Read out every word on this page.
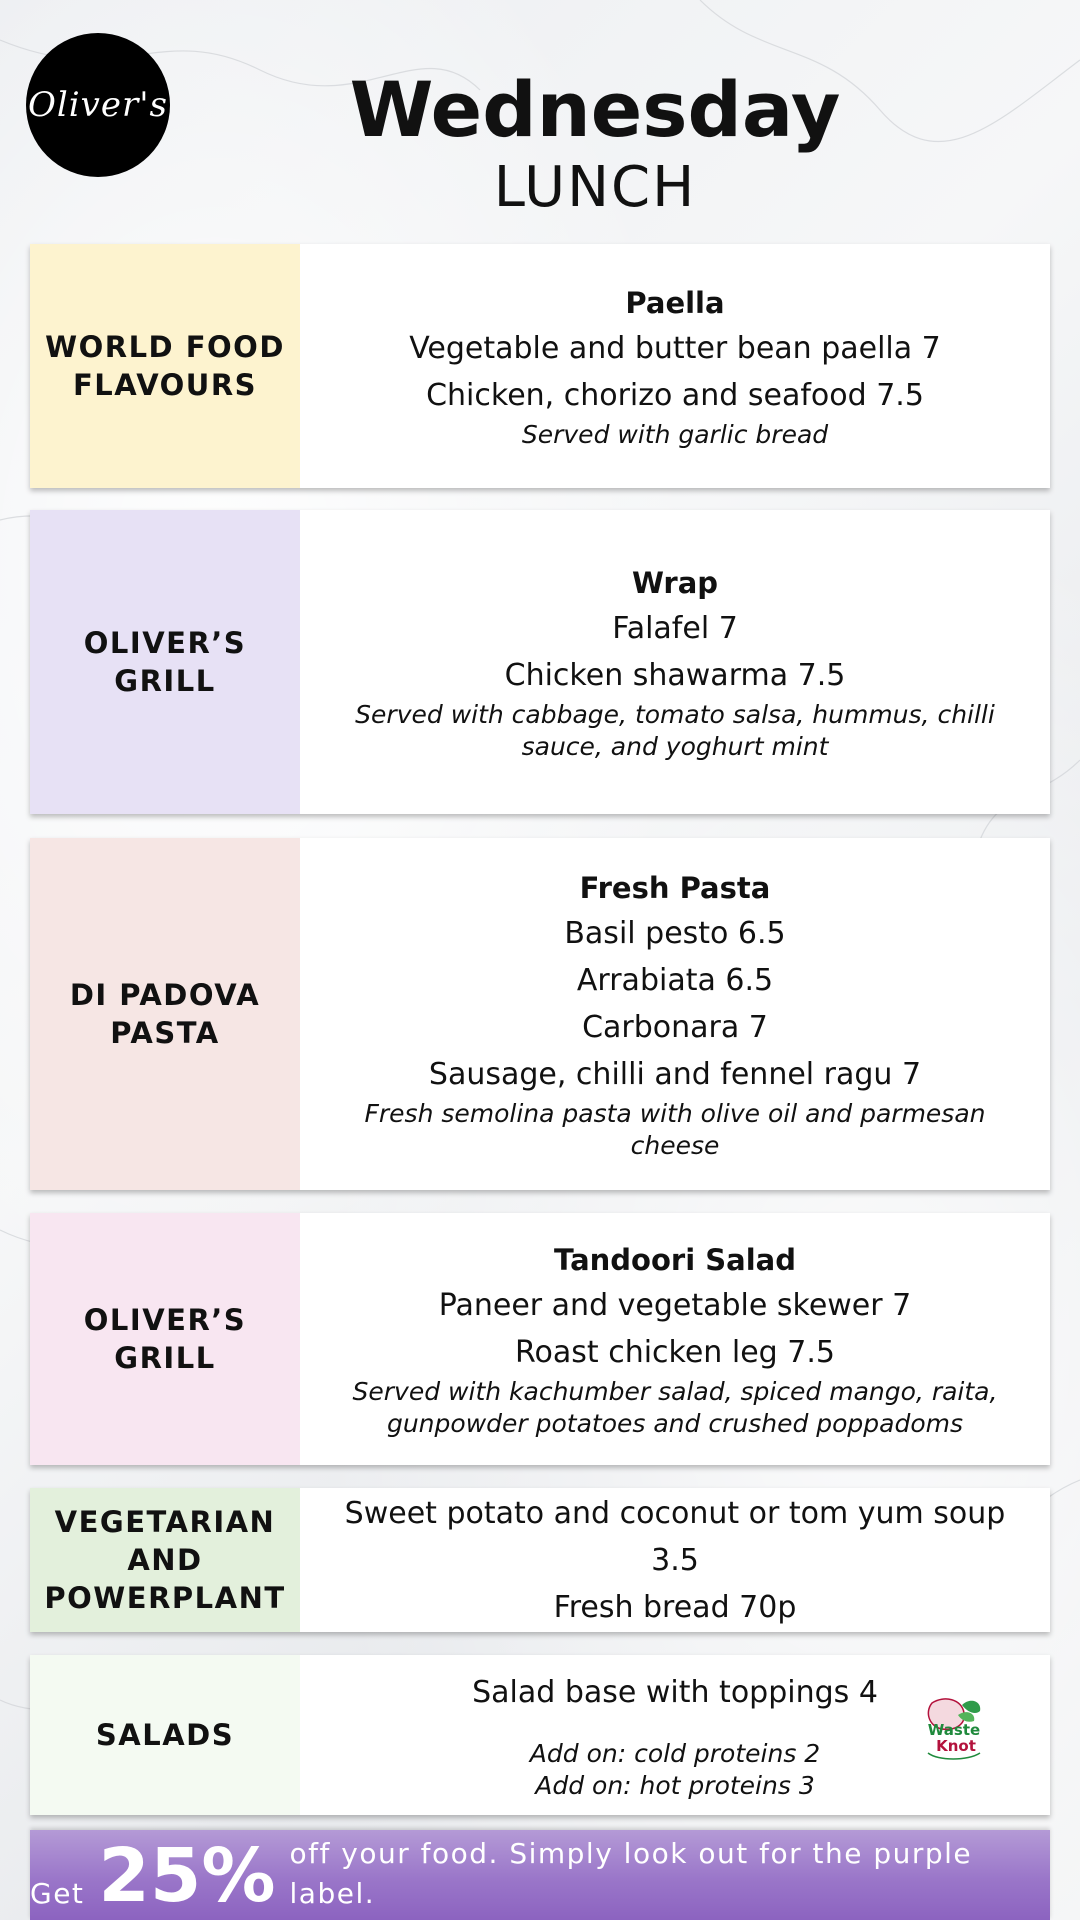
Oliver's	Wednesday
LUNCH
WORLD FOOD FLAVOURS
Paella
Vegetable and butter bean paella 7
Chicken, chorizo and seafood 7.5
Served with garlic bread
OLIVER’S GRILL
Wrap
Falafel 7
Chicken shawarma 7.5
Served with cabbage, tomato salsa, hummus, chilli sauce, and yoghurt mint
DI PADOVA PASTA
Fresh Pasta
Basil pesto 6.5
Arrabiata 6.5
Carbonara 7
Sausage, chilli and fennel ragu 7
Fresh semolina pasta with olive oil and parmesan cheese
OLIVER’S GRILL
Tandoori Salad
Paneer and vegetable skewer 7
Roast chicken leg 7.5
Served with kachumber salad, spiced mango, raita, gunpowder potatoes and crushed poppadoms
VEGETARIAN AND POWERPLANT
Sweet potato and coconut or tom yum soup 3.5
Fresh bread 70p
SALADS
Salad base with toppings 4
Add on: cold proteins 2
Add on: hot proteins 3
Waste
Knot
Get 25% off your food. Simply look out for the purple label.
